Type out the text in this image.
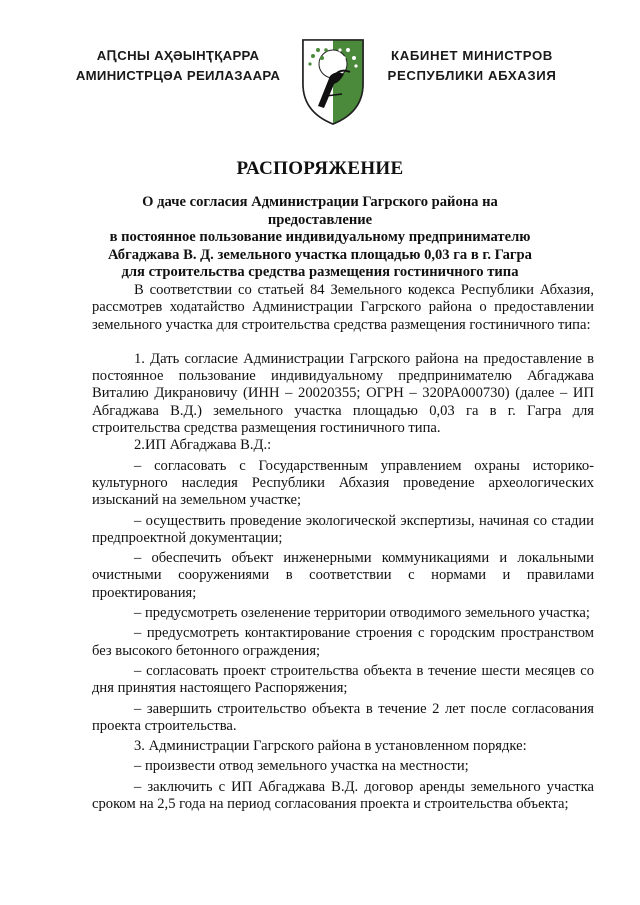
АԤСНЫ АҲӘЫНҬҚАРРА
АМИНИСТРЦӘА РЕИЛАЗААРА
КАБИНЕТ МИНИСТРОВ
РЕСПУБЛИКИ АБХАЗИЯ
РАСПОРЯЖЕНИЕ
О даче согласия Администрации Гагрского района на предоставление
в постоянное пользование индивидуальному предпринимателю
Абгаджава В. Д. земельного участка площадью 0,03 га в г. Гагра
для строительства средства размещения гостиничного типа

В соответствии со статьей 84 Земельного кодекса Республики Абхазия, рассмотрев ходатайство Администрации Гагрского района о предоставлении земельного участка для строительства средства размещения гостиничного типа:

1. Дать согласие Администрации Гагрского района на предоставление в постоянное пользование индивидуальному предпринимателю Абгаджава Виталию Дикрановичу (ИНН – 20020355; ОГРН – 320РА000730) (далее – ИП Абгаджава В.Д.) земельного участка площадью 0,03 га в г. Гагра для строительства средства размещения гостиничного типа.

2.ИП Абгаджава В.Д.:

– согласовать с Государственным управлением охраны историко-культурного наследия Республики Абхазия проведение археологических изысканий на земельном участке;

– осуществить проведение экологической экспертизы, начиная со стадии предпроектной документации;

– обеспечить объект инженерными коммуникациями и локальными очистными сооружениями в соответствии с нормами и правилами проектирования;

– предусмотреть озеленение территории отводимого земельного участка;

– предусмотреть контактирование строения с городским пространством без высокого бетонного ограждения;

– согласовать проект строительства объекта в течение шести месяцев со дня принятия настоящего Распоряжения;

– завершить строительство объекта в течение 2 лет после согласования проекта строительства.

3. Администрации Гагрского района в установленном порядке:

– произвести отвод земельного участка на местности;

– заключить с ИП Абгаджава В.Д. договор аренды земельного участка сроком на 2,5 года на период согласования проекта и строительства объекта;
